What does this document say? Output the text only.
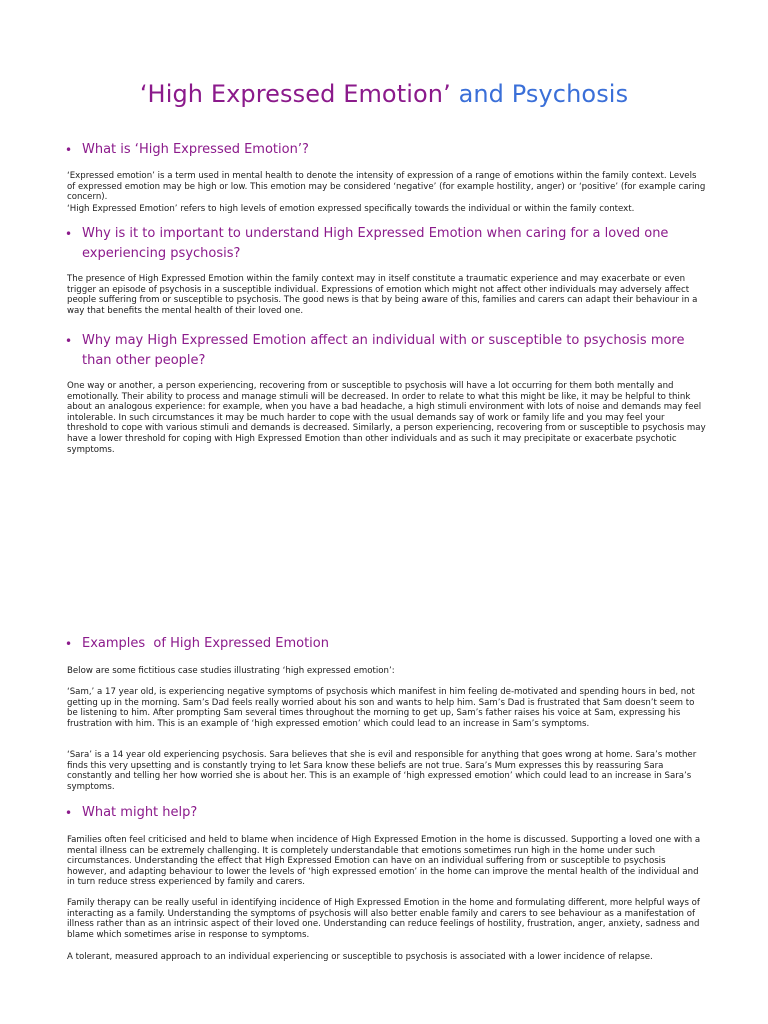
‘High Expressed Emotion’ and Psychosis
• What is ‘High Expressed Emotion’?

‘Expressed emotion’ is a term used in mental health to denote the intensity of expression of a range of emotions within the family context. Levels of expressed emotion may be high or low. This emotion may be considered ‘negative’ (for example hostility, anger) or ‘positive’ (for example caring concern).

‘High Expressed Emotion’ refers to high levels of emotion expressed specifically towards the individual or within the family context.

• Why is it to important to understand High Expressed Emotion when caring for a loved one experiencing psychosis?

The presence of High Expressed Emotion within the family context may in itself constitute a traumatic experience and may exacerbate or even trigger an episode of psychosis in a susceptible individual. Expressions of emotion which might not affect other individuals may adversely affect people suffering from or susceptible to psychosis. The good news is that by being aware of this, families and carers can adapt their behaviour in a way that benefits the mental health of their loved one.

• Why may High Expressed Emotion affect an individual with or susceptible to psychosis more than other people?

One way or another, a person experiencing, recovering from or susceptible to psychosis will have a lot occurring for them both mentally and emotionally. Their ability to process and manage stimuli will be decreased. In order to relate to what this might be like, it may be helpful to think about an analogous experience: for example, when you have a bad headache, a high stimuli environment with lots of noise and demands may feel intolerable. In such circumstances it may be much harder to cope with the usual demands say of work or family life and you may feel your threshold to cope with various stimuli and demands is decreased. Similarly, a person experiencing, recovering from or susceptible to psychosis may have a lower threshold for coping with High Expressed Emotion than other individuals and as such it may precipitate or exacerbate psychotic symptoms.

• Examples  of High Expressed Emotion

Below are some fictitious case studies illustrating ‘high expressed emotion’:

‘Sam,’ a 17 year old, is experiencing negative symptoms of psychosis which manifest in him feeling de-motivated and spending hours in bed, not getting up in the morning. Sam’s Dad feels really worried about his son and wants to help him. Sam’s Dad is frustrated that Sam doesn’t seem to be listening to him. After prompting Sam several times throughout the morning to get up, Sam’s father raises his voice at Sam, expressing his frustration with him. This is an example of ‘high expressed emotion’ which could lead to an increase in Sam’s symptoms.

‘Sara’ is a 14 year old experiencing psychosis. Sara believes that she is evil and responsible for anything that goes wrong at home. Sara’s mother finds this very upsetting and is constantly trying to let Sara know these beliefs are not true. Sara’s Mum expresses this by reassuring Sara constantly and telling her how worried she is about her. This is an example of ‘high expressed emotion’ which could lead to an increase in Sara’s symptoms.

• What might help?

Families often feel criticised and held to blame when incidence of High Expressed Emotion in the home is discussed. Supporting a loved one with a mental illness can be extremely challenging. It is completely understandable that emotions sometimes run high in the home under such circumstances. Understanding the effect that High Expressed Emotion can have on an individual suffering from or susceptible to psychosis however, and adapting behaviour to lower the levels of ‘high expressed emotion’ in the home can improve the mental health of the individual and in turn reduce stress experienced by family and carers.

Family therapy can be really useful in identifying incidence of High Expressed Emotion in the home and formulating different, more helpful ways of interacting as a family. Understanding the symptoms of psychosis will also better enable family and carers to see behaviour as a manifestation of illness rather than as an intrinsic aspect of their loved one. Understanding can reduce feelings of hostility, frustration, anger, anxiety, sadness and blame which sometimes arise in response to symptoms.

A tolerant, measured approach to an individual experiencing or susceptible to psychosis is associated with a lower incidence of relapse.
